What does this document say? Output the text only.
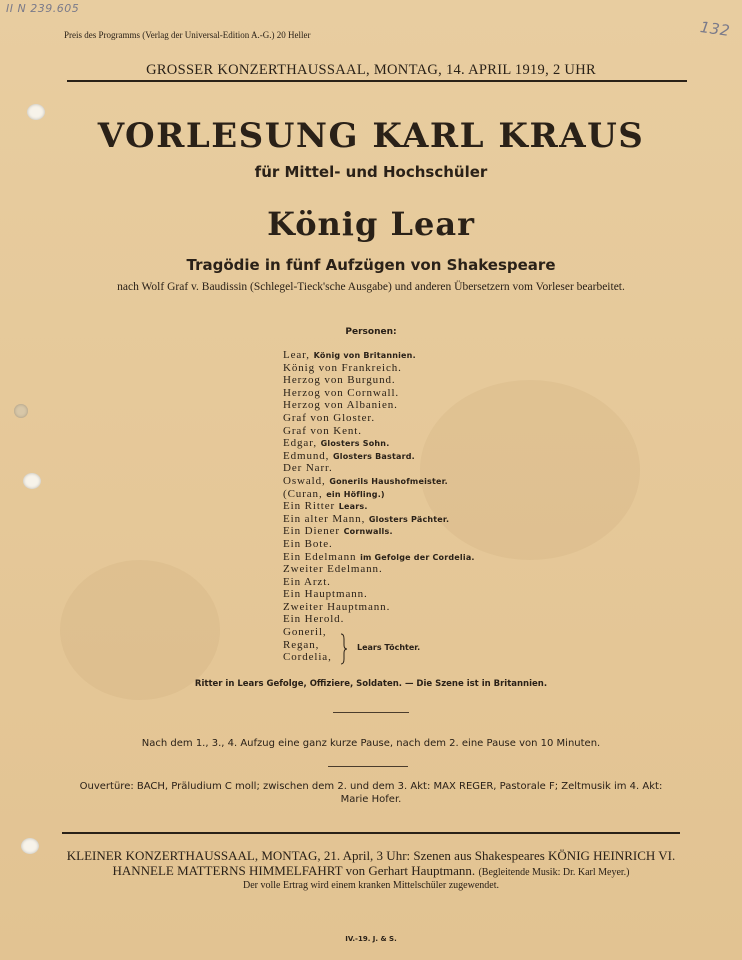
II N 239.605
132
Preis des Programms (Verlag der Universal-Edition A.-G.) 20 Heller
GROSSER KONZERTHAUSSAAL, MONTAG, 14. APRIL 1919, 2 UHR
VORLESUNG KARL KRAUS
für Mittel- und Hochschüler
König Lear
Tragödie in fünf Aufzügen von Shakespeare
nach Wolf Graf v. Baudissin (Schlegel-Tieck'sche Ausgabe) und anderen Übersetzern vom Vorleser bearbeitet.
Personen:
Lear, König von Britannien.
König von Frankreich.
Herzog von Burgund.
Herzog von Cornwall.
Herzog von Albanien.
Graf von Gloster.
Graf von Kent.
Edgar, Glosters Sohn.
Edmund, Glosters Bastard.
Der Narr.
Oswald, Gonerils Haushofmeister.
(Curan, ein Höfling.)
Ein Ritter Lears.
Ein alter Mann, Glosters Pächter.
Ein Diener Cornwalls.
Ein Bote.
Ein Edelmann im Gefolge der Cordelia.
Zweiter Edelmann.
Ein Arzt.
Ein Hauptmann.
Zweiter Hauptmann.
Ein Herold.
Goneril,
Regan,
Cordelia,
Lears Töchter.
Ritter in Lears Gefolge, Offiziere, Soldaten. — Die Szene ist in Britannien.
Nach dem 1., 3., 4. Aufzug eine ganz kurze Pause, nach dem 2. eine Pause von 10 Minuten.
Ouvertüre: BACH, Präludium C moll; zwischen dem 2. und dem 3. Akt: MAX REGER, Pastorale F; Zeltmusik im 4. Akt:
Marie Hofer.
KLEINER KONZERTHAUSSAAL, MONTAG, 21. April, 3 Uhr: Szenen aus Shakespeares KÖNIG HEINRICH VI.
HANNELE MATTERNS HIMMELFAHRT von Gerhart Hauptmann. (Begleitende Musik: Dr. Karl Meyer.)
Der volle Ertrag wird einem kranken Mittelschüler zugewendet.
IV.-19. J. & S.
